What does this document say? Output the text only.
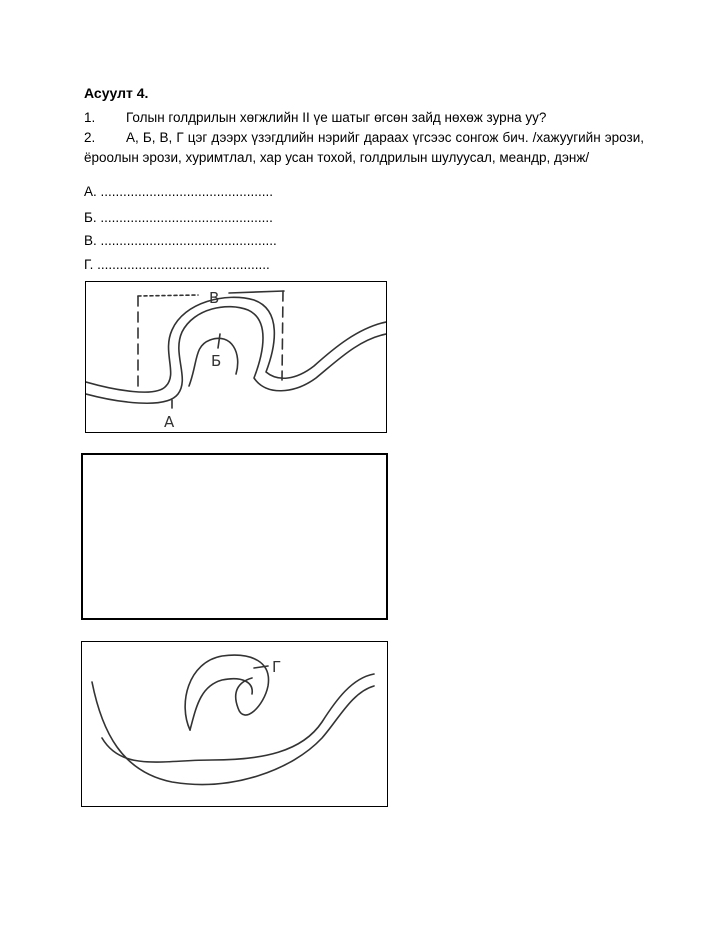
Асуулт 4.
1. Голын голдрилын хөгжлийн II үе шатыг өгсөн зайд нөхөж зурна уу?
2. А, Б, В, Г цэг дээрх үзэгдлийн нэрийг дараах үгсээс сонгож бич. /хажуугийн эрози, ёроолын эрози, хуримтлал, хар усан тохой, голдрилын шулуусал, меандр, дэнж/
А. ..............................................
Б. ..............................................
В. ...............................................
Г. ..............................................
В
Б
А
Г
